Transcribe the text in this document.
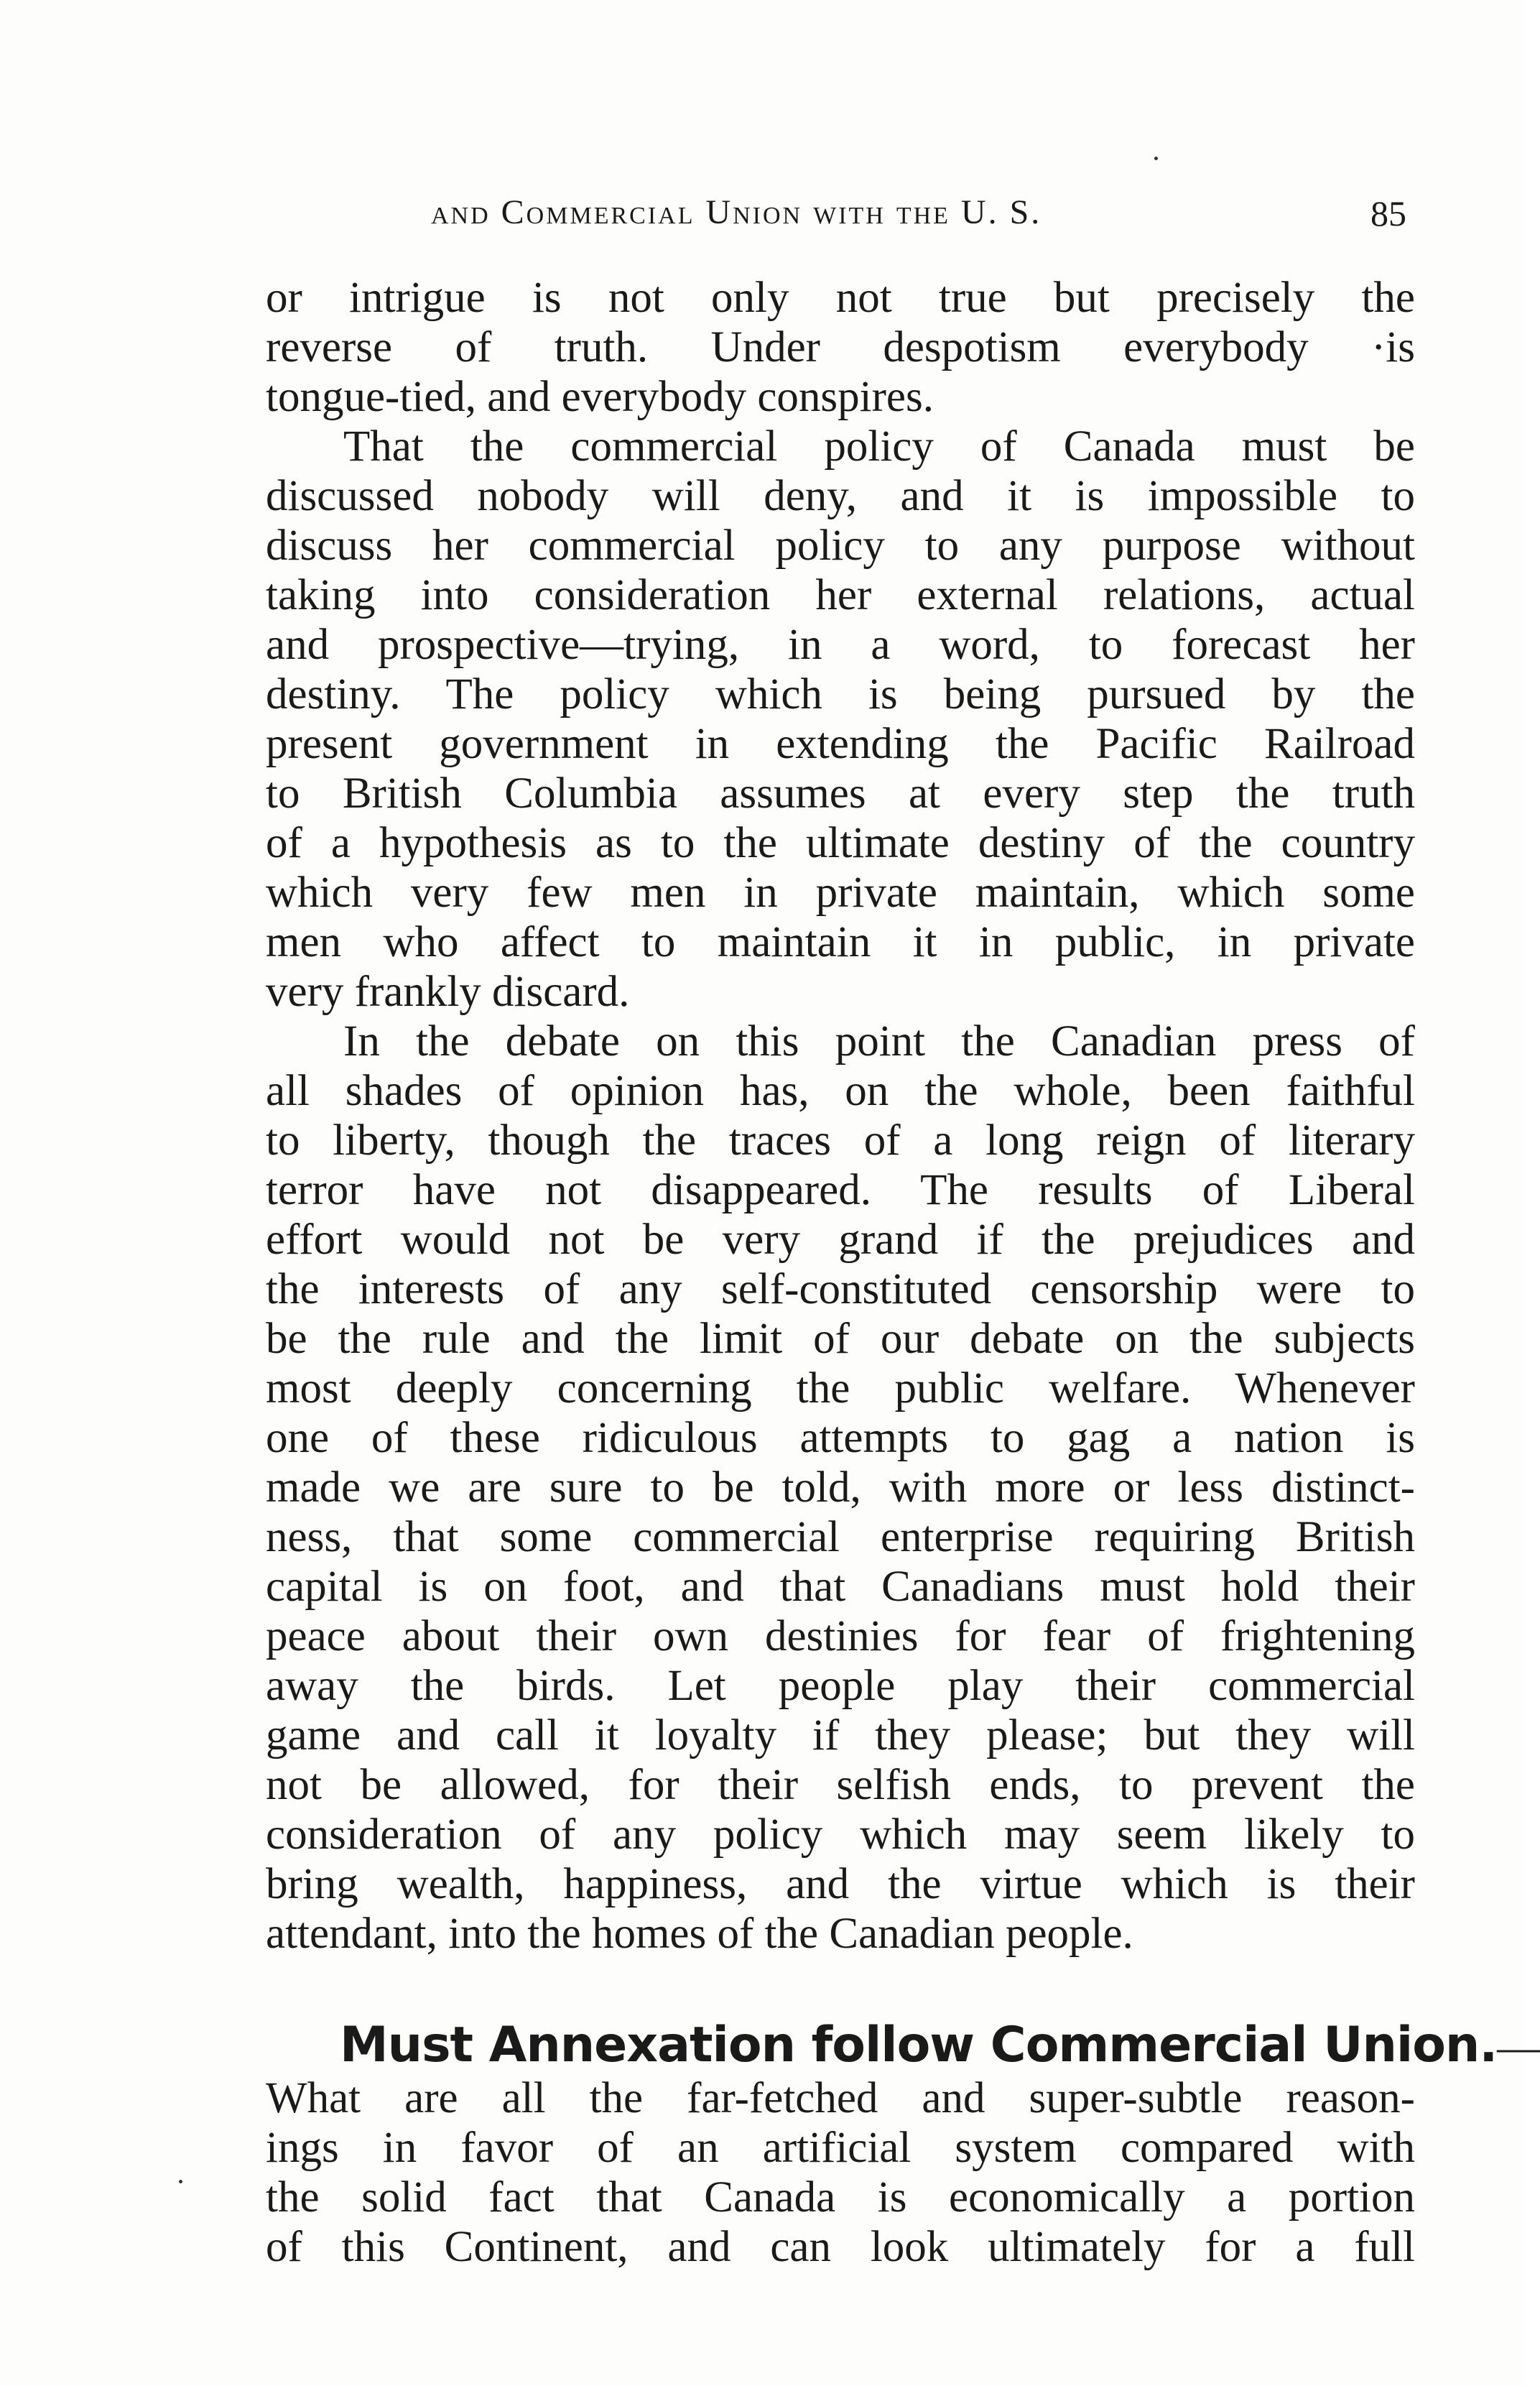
and Commercial Union with the U. S.	85
or intrigue is not only not true but precisely the
reverse of truth. Under despotism everybody ·is
tongue-tied, and everybody conspires.
That the commercial policy of Canada must be
discussed nobody will deny, and it is impossible to
discuss her commercial policy to any purpose without
taking into consideration her external relations, actual
and prospective—trying, in a word, to forecast her
destiny. The policy which is being pursued by the
present government in extending the Pacific Railroad
to British Columbia assumes at every step the truth
of a hypothesis as to the ultimate destiny of the country
which very few men in private maintain, which some
men who affect to maintain it in public, in private
very frankly discard.
In the debate on this point the Canadian press of
all shades of opinion has, on the whole, been faithful
to liberty, though the traces of a long reign of literary
terror have not disappeared. The results of Liberal
effort would not be very grand if the prejudices and
the interests of any self-constituted censorship were to
be the rule and the limit of our debate on the subjects
most deeply concerning the public welfare. Whenever
one of these ridiculous attempts to gag a nation is
made we are sure to be told, with more or less distinct-
ness, that some commercial enterprise requiring British
capital is on foot, and that Canadians must hold their
peace about their own destinies for fear of frightening
away the birds. Let people play their commercial
game and call it loyalty if they please; but they will
not be allowed, for their selfish ends, to prevent the
consideration of any policy which may seem likely to
bring wealth, happiness, and the virtue which is their
attendant, into the homes of the Canadian people.
Must Annexation follow Commercial Union.—
What are all the far-fetched and super-subtle reason-
ings in favor of an artificial system compared with
the solid fact that Canada is economically a portion
of this Continent, and can look ultimately for a full
